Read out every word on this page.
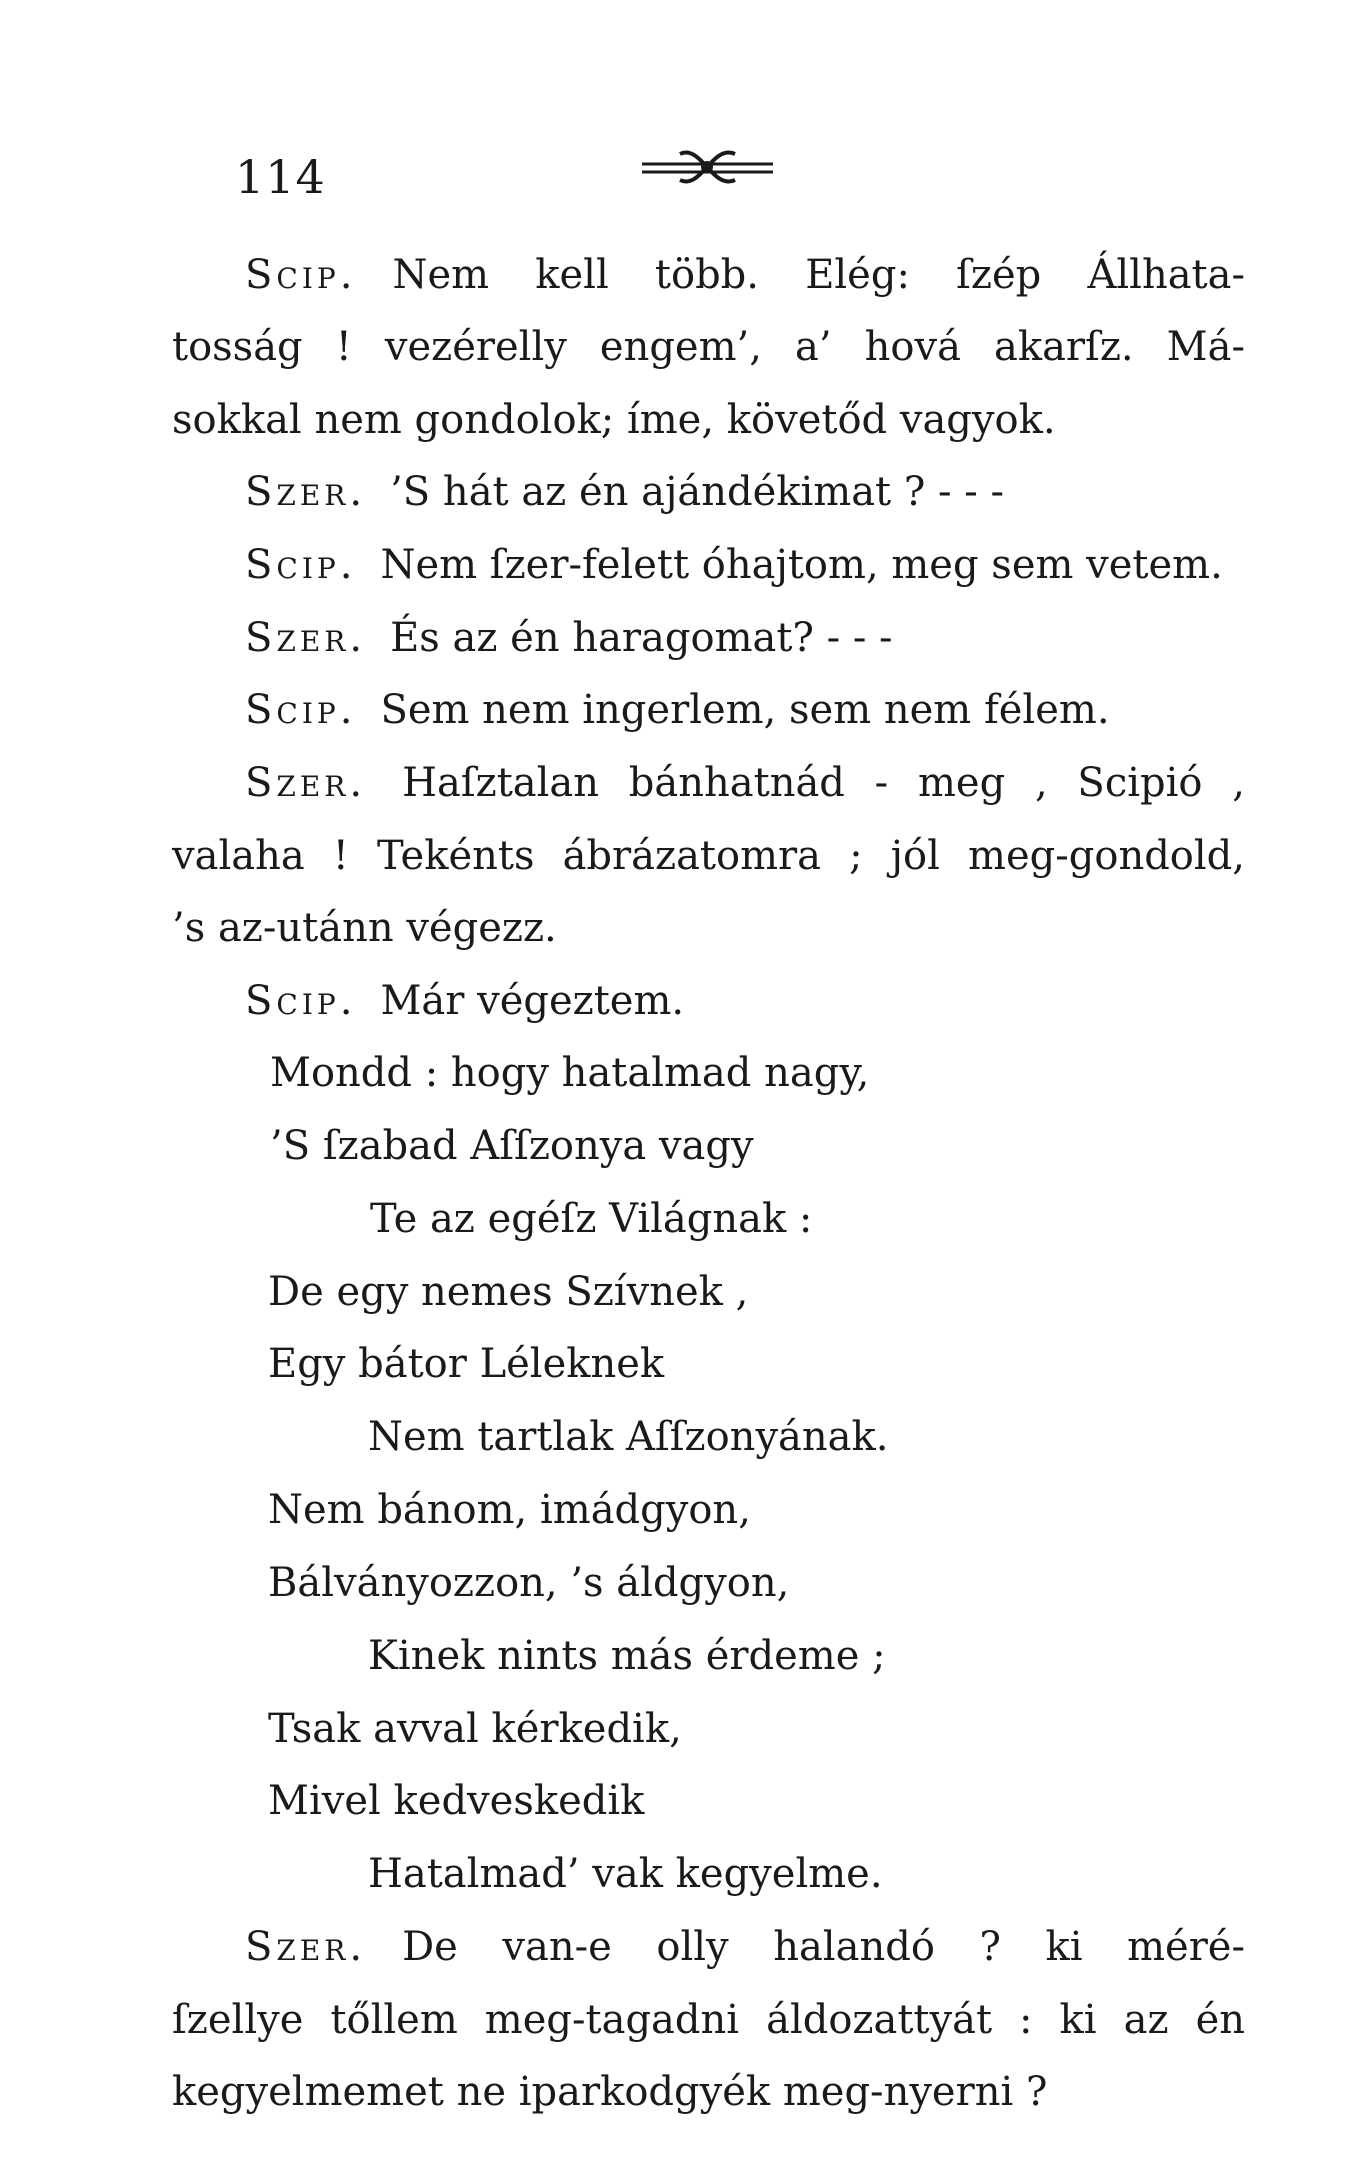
114
Scip. Nem kell több. Elég: ſzép Állhata-
tosság ! vezérelly engem’, a’ hová akarſz. Má-
sokkal nem gondolok; íme, követőd vagyok.
Szer. ’S hát az én ajándékimat ? - - -
Scip. Nem ſzer-felett óhajtom, meg sem vetem.
Szer. És az én haragomat? - - -
Scip. Sem nem ingerlem, sem nem félem.
Szer. Haſztalan bánhatnád - meg , Scipió ,
valaha ! Tekénts ábrázatomra ; jól meg-gondold,
’s az-utánn végezz.
Scip. Már végeztem.
Mondd : hogy hatalmad nagy,
’S ſzabad Aſſzonya vagy
Te az egéſz Világnak :
De egy nemes Szívnek ,
Egy bátor Léleknek
Nem tartlak Aſſzonyának.
Nem bánom, imádgyon,
Bálványozzon, ’s áldgyon,
Kinek nints más érdeme ;
Tsak avval kérkedik,
Mivel kedveskedik
Hatalmad’ vak kegyelme.
Szer. De van-e olly halandó ? ki méré-
ſzellye tőllem meg-tagadni áldozattyát : ki az én
kegyelmemet ne iparkodgyék meg-nyerni ?
